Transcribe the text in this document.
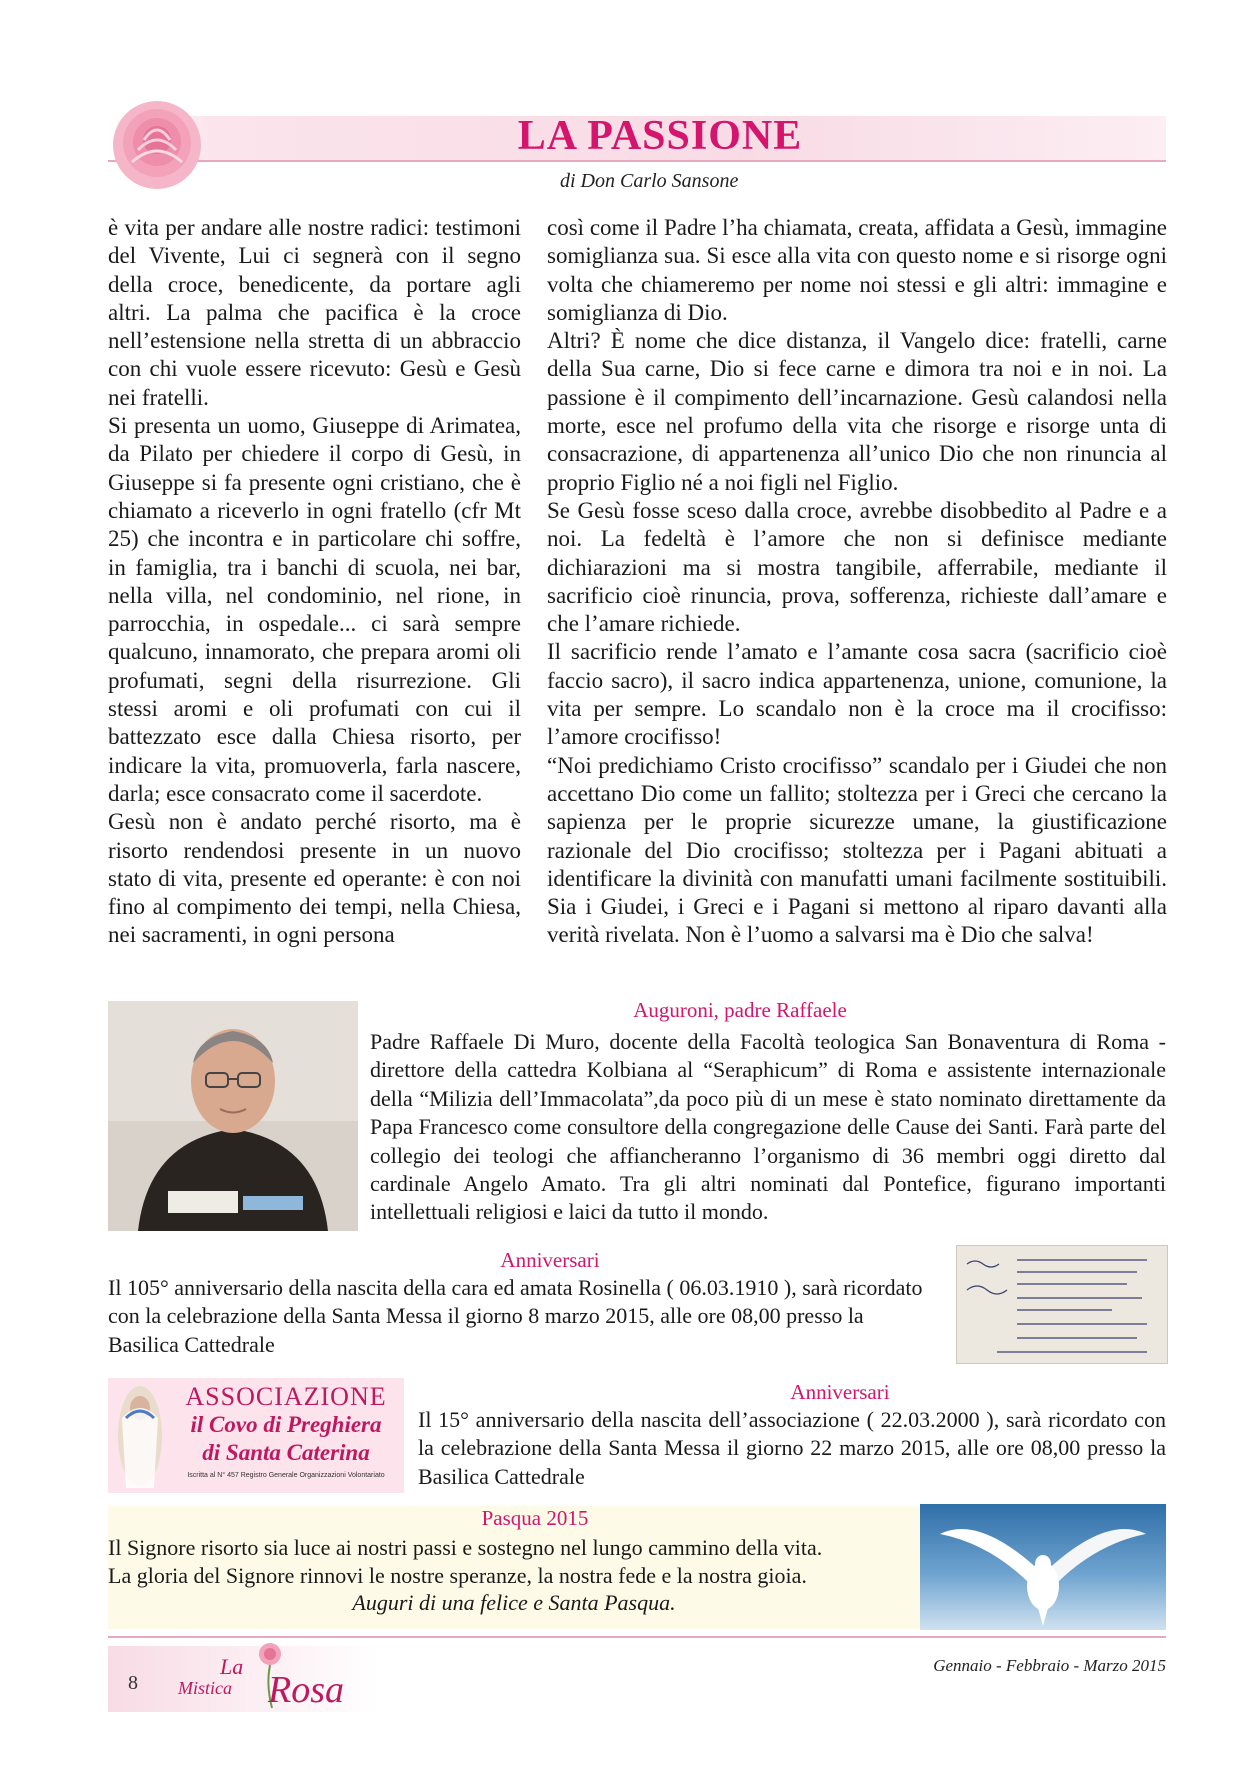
LA PASSIONE
di Don Carlo Sansone

è vita per andare alle nostre radici: testimoni del Vivente, Lui ci segnerà con il segno della croce, benedicente, da portare agli altri. La palma che pacifica è la croce nell’estensione nella stretta di un abbraccio con chi vuole essere ricevuto: Gesù e Gesù nei fratelli.

Si presenta un uomo, Giuseppe di Arimatea, da Pilato per chiedere il corpo di Gesù, in Giuseppe si fa presente ogni cristiano, che è chiamato a riceverlo in ogni fratello (cfr Mt 25) che incontra e in particolare chi soffre, in famiglia, tra i banchi di scuola, nei bar, nella villa, nel condominio, nel rione, in parrocchia, in ospedale... ci sarà sempre qualcuno, innamorato, che prepara aromi oli profumati, segni della risurrezione. Gli stessi aromi e oli profumati con cui il battezzato esce dalla Chiesa risorto, per indicare la vita, promuoverla, farla nascere, darla; esce consacrato come il sacerdote.

Gesù non è andato perché risorto, ma è risorto rendendosi presente in un nuovo stato di vita, presente ed operante: è con noi fino al compimento dei tempi, nella Chiesa, nei sacramenti, in ogni persona

così come il Padre l’ha chiamata, creata, affidata a Gesù, immagine somiglianza sua. Si esce alla vita con questo nome e si risorge ogni volta che chiameremo per nome noi stessi e gli altri: immagine e somiglianza di Dio.

Altri? È nome che dice distanza, il Vangelo dice: fratelli, carne della Sua carne, Dio si fece carne e dimora tra noi e in noi. La passione è il compimento dell’incarnazione. Gesù calandosi nella morte, esce nel profumo della vita che risorge e risorge unta di consacrazione, di appartenenza all’unico Dio che non rinuncia al proprio Figlio né a noi figli nel Figlio.

Se Gesù fosse sceso dalla croce, avrebbe disobbedito al Padre e a noi. La fedeltà è l’amore che non si definisce mediante dichiarazioni ma si mostra tangibile, afferrabile, mediante il sacrificio cioè rinuncia, prova, sofferenza, richieste dall’amare e che l’amare richiede.

Il sacrificio rende l’amato e l’amante cosa sacra (sacrificio cioè faccio sacro), il sacro indica appartenenza, unione, comunione, la vita per sempre. Lo scandalo non è la croce ma il crocifisso: l’amore crocifisso!

“Noi predichiamo Cristo crocifisso” scandalo per i Giudei che non accettano Dio come un fallito; stoltezza per i Greci che cercano la sapienza per le proprie sicurezze umane, la giustificazione razionale del Dio crocifisso; stoltezza per i Pagani abituati a identificare la divinità con manufatti umani facilmente sostituibili. Sia i Giudei, i Greci e i Pagani si mettono al riparo davanti alla verità rivelata. Non è l’uomo a salvarsi ma è Dio che salva!

Auguroni, padre Raffaele
Padre Raffaele Di Muro, docente della Facoltà teologica San Bonaventura di Roma - direttore della cattedra Kolbiana al “Seraphicum” di Roma e assistente internazionale della “Milizia dell’Immacolata”,da poco più di un mese è stato nominato direttamente da Papa Francesco come consultore della congregazione delle Cause dei Santi. Farà parte del collegio dei teologi che affiancheranno l’organismo di 36 membri oggi diretto dal cardinale Angelo Amato. Tra gli altri nominati dal Pontefice, figurano importanti intellettuali religiosi e laici da tutto il mondo.
Anniversari
Il 105° anniversario della nascita della cara ed amata Rosinella ( 06.03.1910 ), sarà ricordato con la celebrazione della Santa Messa il giorno 8 marzo 2015, alle ore 08,00 presso la Basilica Cattedrale
ASSOCIAZIONE
il Covo di Preghiera
di Santa Caterina
Iscritta al N° 457 Registro Generale Organizzazioni Volontariato
Anniversari
Il 15° anniversario della nascita dell’associazione ( 22.03.2000 ), sarà ricordato con la celebrazione della Santa Messa il giorno 22 marzo 2015, alle ore 08,00 presso la Basilica Cattedrale
Pasqua 2015
Il Signore risorto sia luce ai nostri passi e sostegno nel lungo cammino della vita.
La gloria del Signore rinnovi le nostre speranze, la nostra fede e la nostra gioia.
Auguri di una felice e Santa Pasqua.
8
La
Mistica Rosa
Gennaio - Febbraio - Marzo 2015
